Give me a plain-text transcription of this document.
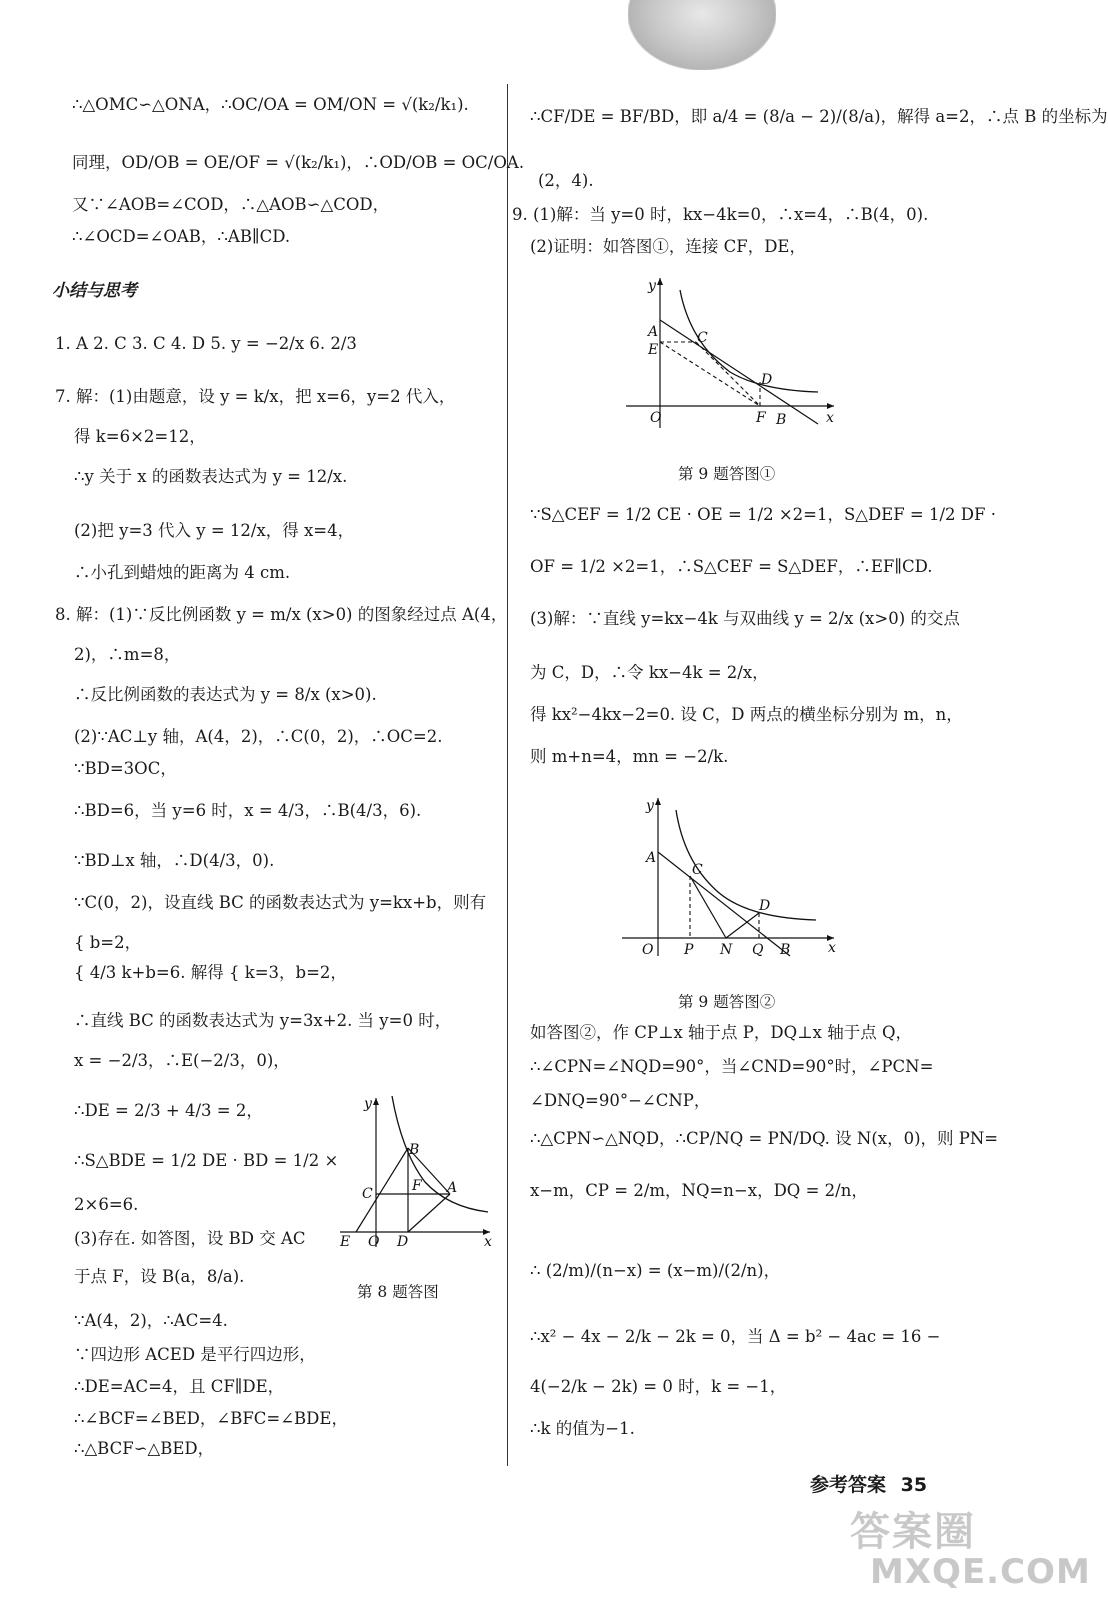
∴△OMC∽△ONA，∴OC/OA = OM/ON = √(k₂/k₁).
同理，OD/OB = OE/OF = √(k₂/k₁)，∴OD/OB = OC/OA.
又∵∠AOB=∠COD，∴△AOB∽△COD，
∴∠OCD=∠OAB，∴AB∥CD.
小结与思考
1. A 2. C 3. C 4. D 5. y = −2/x 6. 2/3
7. 解：(1)由题意，设 y = k/x，把 x=6，y=2 代入，
得 k=6×2=12，
∴y 关于 x 的函数表达式为 y = 12/x.
(2)把 y=3 代入 y = 12/x，得 x=4，
∴小孔到蜡烛的距离为 4 cm.
8. 解：(1)∵反比例函数 y = m/x (x>0) 的图象经过点 A(4，
2)，∴m=8，
∴反比例函数的表达式为 y = 8/x (x>0).
(2)∵AC⊥y 轴，A(4，2)，∴C(0，2)，∴OC=2.
∵BD=3OC，
∴BD=6，当 y=6 时，x = 4/3，∴B(4/3，6).
∵BD⊥x 轴，∴D(4/3，0).
∵C(0，2)，设直线 BC 的函数表达式为 y=kx+b，则有
{ b=2，
{ 4/3 k+b=6. 解得 { k=3，b=2，
∴直线 BC 的函数表达式为 y=3x+2. 当 y=0 时，
x = −2/3，∴E(−2/3，0)，
∴DE = 2/3 + 4/3 = 2，
∴S△BDE = 1/2 DE · BD = 1/2 ×
2×6=6.
(3)存在. 如答图，设 BD 交 AC
于点 F，设 B(a，8/a).
∵A(4，2)，∴AC=4.
∵四边形 ACED 是平行四边形，
∴DE=AC=4，且 CF∥DE，
∴∠BCF=∠BED，∠BFC=∠BDE，
∴△BCF∽△BED，
O	x
y
B
C	F A
E	D
第 8 题答图
∴CF/DE = BF/BD，即 a/4 = (8/a − 2)/(8/a)，解得 a=2，∴点 B 的坐标为
(2，4).
9. (1)解：当 y=0 时，kx−4k=0，∴x=4，∴B(4，0).
(2)证明：如答图①，连接 CF，DE，
y
A	C
E
D
O	F B	x
第 9 题答图①
∵S△CEF = 1/2 CE · OE = 1/2 ×2=1，S△DEF = 1/2 DF ·
OF = 1/2 ×2=1，∴S△CEF = S△DEF，∴EF∥CD.
(3)解：∵直线 y=kx−4k 与双曲线 y = 2/x (x>0) 的交点
为 C，D，∴令 kx−4k = 2/x，
得 kx²−4kx−2=0. 设 C，D 两点的横坐标分别为 m，n，
则 m+n=4，mn = −2/k.
y
A
C
D
O P N Q B	x
第 9 题答图②
如答图②，作 CP⊥x 轴于点 P，DQ⊥x 轴于点 Q，
∴∠CPN=∠NQD=90°，当∠CND=90°时，∠PCN=
∠DNQ=90°−∠CNP，
∴△CPN∽△NQD，∴CP/NQ = PN/DQ. 设 N(x，0)，则 PN=
x−m，CP = 2/m，NQ=n−x，DQ = 2/n，
∴ (2/m)/(n−x) = (x−m)/(2/n)，
∴x² − 4x − 2/k − 2k = 0，当 Δ = b² − 4ac = 16 −
4(−2/k − 2k) = 0 时，k = −1，
∴k 的值为−1.
参考答案 35
答案圈
MXQE.COM
